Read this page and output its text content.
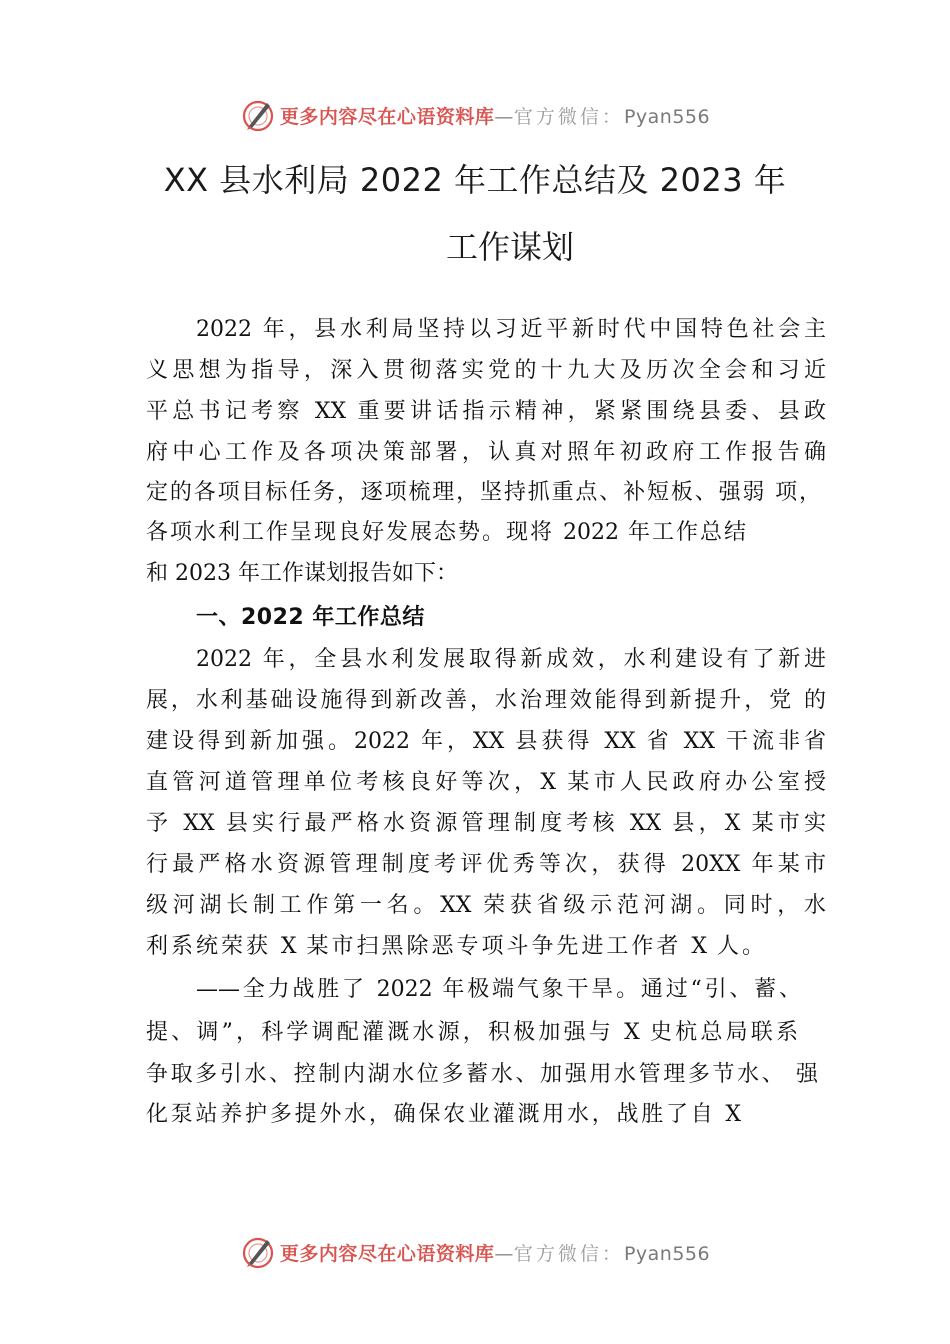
更多内容尽在心语资料库—官方微信：Pyan556
XX 县水利局 2022 年工作总结及 2023 年
工作谋划
2022 年，县水利局坚持以习近平新时代中国特色社会主
义思想为指导，深入贯彻落实党的十九大及历次全会和习近
平总书记考察 XX 重要讲话指示精神，紧紧围绕县委、县政
府中心工作及各项决策部署，认真对照年初政府工作报告确
定的各项目标任务，逐项梳理，坚持抓重点、补短板、强弱 项，
各项水利工作呈现良好发展态势。现将 2022 年工作总结
和 2023 年工作谋划报告如下：
一、2022 年工作总结
2022 年，全县水利发展取得新成效，水利建设有了新进
展，水利基础设施得到新改善，水治理效能得到新提升，党 的
建设得到新加强。2022 年，XX 县获得 XX 省 XX 干流非省
直管河道管理单位考核良好等次，X 某市人民政府办公室授
予 XX 县实行最严格水资源管理制度考核 XX 县，X 某市实
行最严格水资源管理制度考评优秀等次，获得 20XX 年某市
级河湖长制工作第一名。XX 荣获省级示范河湖。同时，水
利系统荣获 X 某市扫黑除恶专项斗争先进工作者 X 人。
——全力战胜了 2022 年极端气象干旱。通过“引、蓄、
提、调”，科学调配灌溉水源，积极加强与 X 史杭总局联系
争取多引水、控制内湖水位多蓄水、加强用水管理多节水、 强
化泵站养护多提外水，确保农业灌溉用水，战胜了自 X
更多内容尽在心语资料库—官方微信：Pyan556
